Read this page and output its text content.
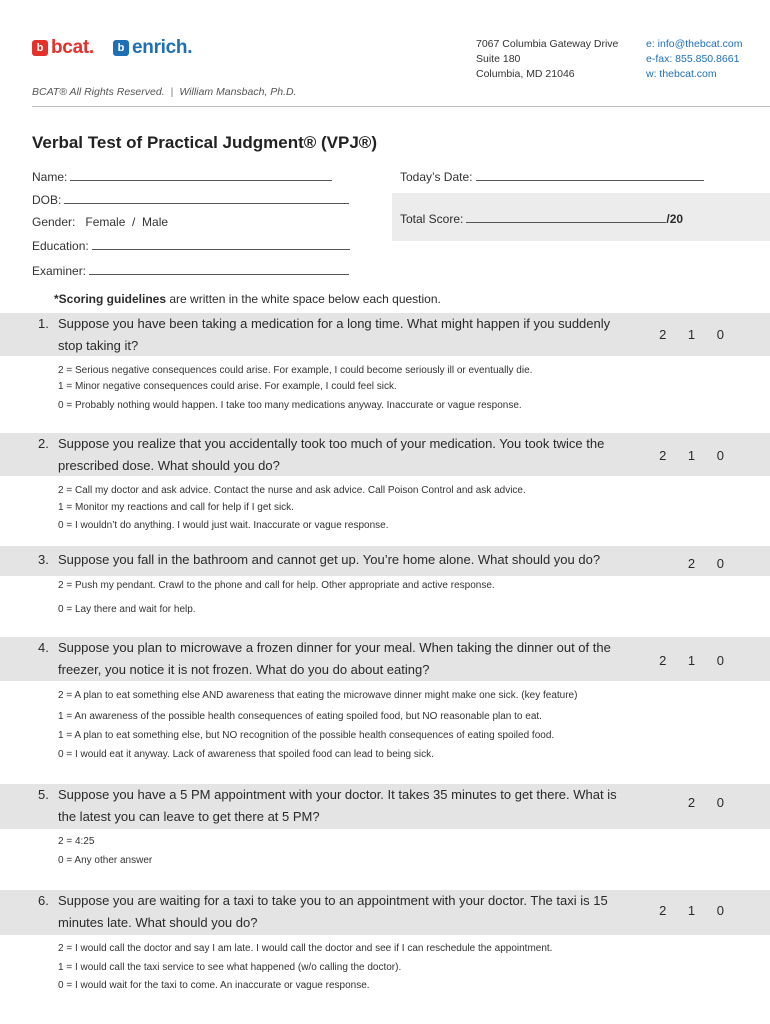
b bcat.	b enrich.	7067 Columbia Gateway Drive
Suite 180
Columbia, MD 21046
e: info@thebcat.com
e-fax: 855.850.8661
w: thebcat.com
BCAT® All Rights Reserved. | William Mansbach, Ph.D.
Verbal Test of Practical Judgment® (VPJ®)
Name:	Today’s Date:
DOB:
Gender:   Female  /  Male	Total Score:	/20
Education:
Examiner:
*Scoring guidelines are written in the white space below each question.
1. Suppose you have been taking a medication for a long time. What might happen if you suddenly
stop taking it?
2 1 0
2 = Serious negative consequences could arise. For example, I could become seriously ill or eventually die.
1 = Minor negative consequences could arise. For example, I could feel sick.
0 = Probably nothing would happen. I take too many medications anyway. Inaccurate or vague response.
2. Suppose you realize that you accidentally took too much of your medication. You took twice the
prescribed dose. What should you do?
2 1 0
2 = Call my doctor and ask advice. Contact the nurse and ask advice. Call Poison Control and ask advice.
1 = Monitor my reactions and call for help if I get sick.
0 = I wouldn’t do anything. I would just wait. Inaccurate or vague response.
3. Suppose you fall in the bathroom and cannot get up. You’re home alone. What should you do?	2 0
2 = Push my pendant. Crawl to the phone and call for help. Other appropriate and active response.
0 = Lay there and wait for help.
4. Suppose you plan to microwave a frozen dinner for your meal. When taking the dinner out of the
freezer, you notice it is not frozen. What do you do about eating?
2 1 0
2 = A plan to eat something else AND awareness that eating the microwave dinner might make one sick. (key feature)
1 = An awareness of the possible health consequences of eating spoiled food, but NO reasonable plan to eat.
1 = A plan to eat something else, but NO recognition of the possible health consequences of eating spoiled food.
0 = I would eat it anyway. Lack of awareness that spoiled food can lead to being sick.
5. Suppose you have a 5 PM appointment with your doctor. It takes 35 minutes to get there. What is
the latest you can leave to get there at 5 PM?
2 0
2 = 4:25
0 = Any other answer
6. Suppose you are waiting for a taxi to take you to an appointment with your doctor. The taxi is 15
minutes late. What should you do?
2 1 0
2 = I would call the doctor and say I am late. I would call the doctor and see if I can reschedule the appointment.
1 = I would call the taxi service to see what happened (w/o calling the doctor).
0 = I would wait for the taxi to come. An inaccurate or vague response.
